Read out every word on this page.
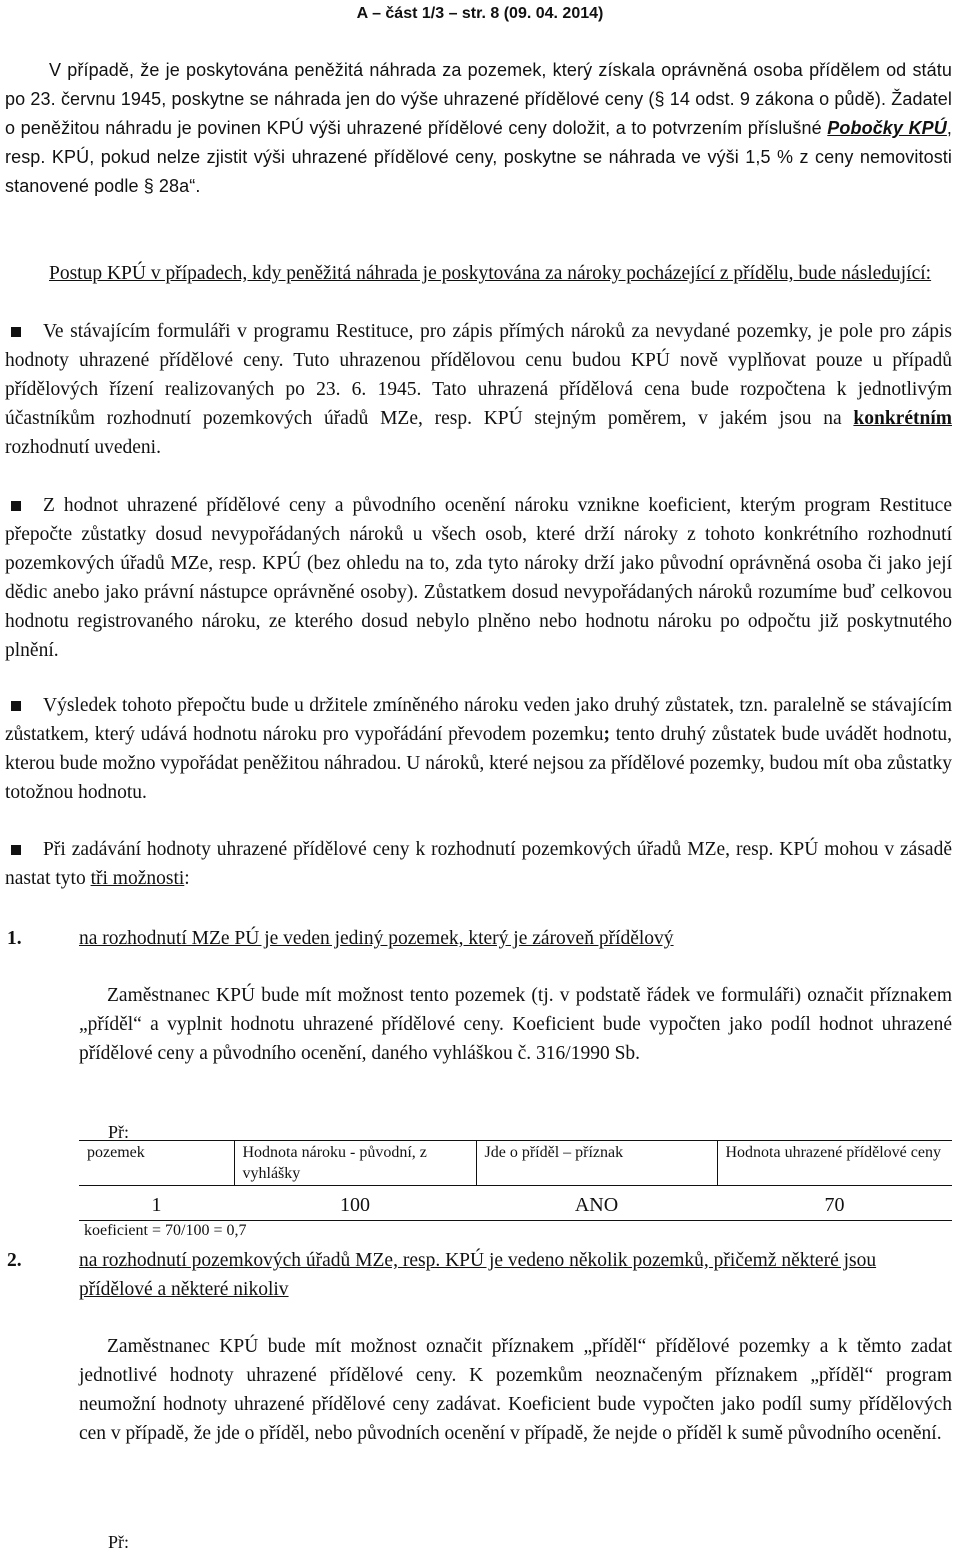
A – část 1/3 – str. 8 (09. 04. 2014)

V případě, že je poskytována peněžitá náhrada za pozemek, který získala oprávněná osoba přídělem od státu po 23. červnu 1945, poskytne se náhrada jen do výše uhrazené přídělové ceny (§ 14 odst. 9 zákona o půdě). Žadatel o peněžitou náhradu je povinen KPÚ výši uhrazené přídělové ceny doložit, a to potvrzením příslušné Pobočky KPÚ, resp. KPÚ, pokud nelze zjistit výši uhrazené přídělové ceny, poskytne se náhrada ve výši 1,5 % z ceny nemovitosti stanovené podle § 28a“.

Postup KPÚ v případech, kdy peněžitá náhrada je poskytována za nároky pocházející z přídělu, bude následující:

Ve stávajícím formuláři v programu Restituce, pro zápis přímých nároků za nevydané pozemky, je pole pro zápis hodnoty uhrazené přídělové ceny. Tuto uhrazenou přídělovou cenu budou KPÚ nově vyplňovat pouze u případů přídělových řízení realizovaných po 23. 6. 1945. Tato uhrazená přídělová cena bude rozpočtena k jednotlivým účastníkům rozhodnutí pozemkových úřadů MZe, resp. KPÚ stejným poměrem, v jakém jsou na konkrétním rozhodnutí uvedeni.

Z hodnot uhrazené přídělové ceny a původního ocenění nároku vznikne koeficient, kterým program Restituce přepočte zůstatky dosud nevypořádaných nároků u všech osob, které drží nároky z tohoto konkrétního rozhodnutí pozemkových úřadů MZe, resp. KPÚ (bez ohledu na to, zda tyto nároky drží jako původní oprávněná osoba či jako její dědic anebo jako právní nástupce oprávněné osoby). Zůstatkem dosud nevypořádaných nároků rozumíme buď celkovou hodnotu registrovaného nároku, ze kterého dosud nebylo plněno nebo hodnotu nároku po odpočtu již poskytnutého plnění.

Výsledek tohoto přepočtu bude u držitele zmíněného nároku veden jako druhý zůstatek, tzn. paralelně se stávajícím zůstatkem, který udává hodnotu nároku pro vypořádání převodem pozemku; tento druhý zůstatek bude uvádět hodnotu, kterou bude možno vypořádat peněžitou náhradou. U nároků, které nejsou za přídělové pozemky, budou mít oba zůstatky totožnou hodnotu.

Při zadávání hodnoty uhrazené přídělové ceny k rozhodnutí pozemkových úřadů MZe, resp. KPÚ mohou v zásadě nastat tyto tři možnosti:

1.	na rozhodnutí MZe PÚ je veden jediný pozemek, který je zároveň přídělový

Zaměstnanec KPÚ bude mít možnost tento pozemek (tj. v podstatě řádek ve formuláři) označit příznakem „příděl“ a vyplnit hodnotu uhrazené přídělové ceny. Koeficient bude vypočten jako podíl hodnot uhrazené přídělové ceny a původního ocenění, daného vyhláškou č. 316/1990 Sb.

Př:
pozemek	Hodnota nároku - původní, z vyhlášky	Jde o příděl – příznak	Hodnota uhrazené přídělové ceny
1	100	ANO	70
koeficient = 70/100 = 0,7
2.	na rozhodnutí pozemkových úřadů MZe, resp. KPÚ je vedeno několik pozemků, přičemž některé jsou přídělové a některé nikoliv

Zaměstnanec KPÚ bude mít možnost označit příznakem „příděl“ přídělové pozemky a k těmto zadat jednotlivé hodnoty uhrazené přídělové ceny. K pozemkům neoznačeným příznakem „příděl“ program neumožní hodnoty uhrazené přídělové ceny zadávat. Koeficient bude vypočten jako podíl sumy přídělových cen v případě, že jde o příděl, nebo původních ocenění v případě, že nejde o příděl k sumě původního ocenění.

Př:
